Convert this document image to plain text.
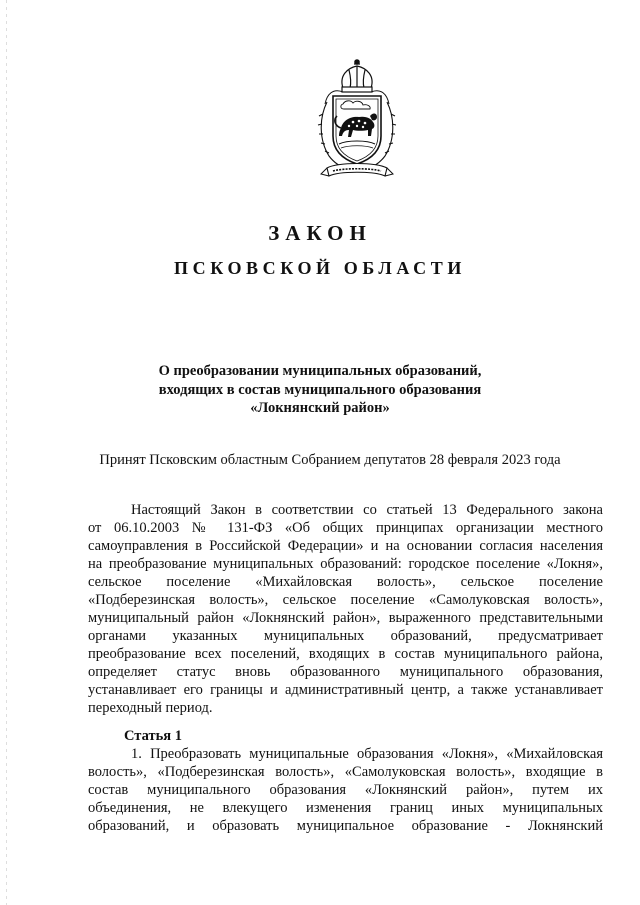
ЗАКОН
ПСКОВСКОЙ ОБЛАСТИ
О преобразовании муниципальных образований,
входящих в состав муниципального образования
«Локнянский район»
Принят Псковским областным Собранием депутатов 28 февраля 2023 года
Настоящий Закон в соответствии со статьей 13 Федерального закона
от 06.10.2003 № 131-ФЗ «Об общих принципах организации местного
самоуправления в Российской Федерации» и на основании согласия населения
на преобразование муниципальных образований: городское поселение «Локня»,
сельское поселение «Михайловская волость», сельское поселение
«Подберезинская волость», сельское поселение «Самолуковская волость»,
муниципальный район «Локнянский район», выраженного представительными
органами указанных муниципальных образований, предусматривает
преобразование всех поселений, входящих в состав муниципального района,
определяет статус вновь образованного муниципального образования,
устанавливает его границы и административный центр, а также устанавливает
переходный период.
Статья 1
1. Преобразовать муниципальные образования «Локня», «Михайловская
волость», «Подберезинская волость», «Самолуковская волость», входящие в
состав муниципального образования «Локнянский район», путем их
объединения, не влекущего изменения границ иных муниципальных
образований, и образовать муниципальное образование - Локнянский
